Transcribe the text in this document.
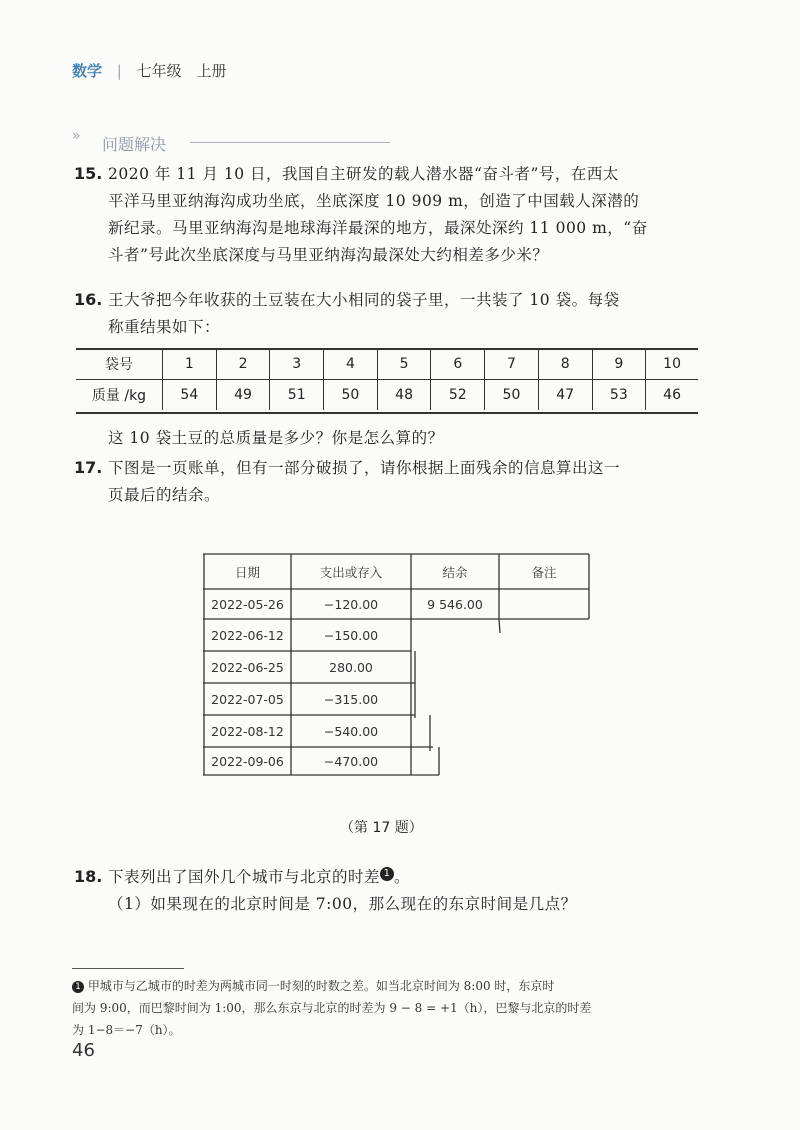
数学 | 七年级　上册
» 问题解决
15. 2020 年 11 月 10 日，我国自主研发的载人潜水器“奋斗者”号，在西太
平洋马里亚纳海沟成功坐底，坐底深度 10 909 m，创造了中国载人深潜的
新纪录。马里亚纳海沟是地球海洋最深的地方，最深处深约 11 000 m，“奋
斗者”号此次坐底深度与马里亚纳海沟最深处大约相差多少米？
16. 王大爷把今年收获的土豆装在大小相同的袋子里，一共装了 10 袋。每袋
称重结果如下：
袋号	1	2	3	4	5	6	7	8	9	10
质量 /kg	54	49	51	50	48	52	50	47	53	46
这 10 袋土豆的总质量是多少？你是怎么算的？
17. 下图是一页账单，但有一部分破损了，请你根据上面残余的信息算出这一
页最后的结余。
日期	支出或存入	结余	备注
2022-05-26	−120.00	9 546.00
2022-06-12	−150.00
2022-06-25	280.00
2022-07-05	−315.00
2022-08-12	−540.00
2022-09-06	−470.00
（第 17 题）
18. 下表列出了国外几个城市与北京的时差 1 。
（1）如果现在的北京时间是 7:00，那么现在的东京时间是几点？
1 甲城市与乙城市的时差为两城市同一时刻的时数之差。如当北京时间为 8:00 时，东京时
间为 9:00，而巴黎时间为 1:00，那么东京与北京的时差为 9 − 8 = +1（h），巴黎与北京的时差
为 1−8＝−7（h）。
46
